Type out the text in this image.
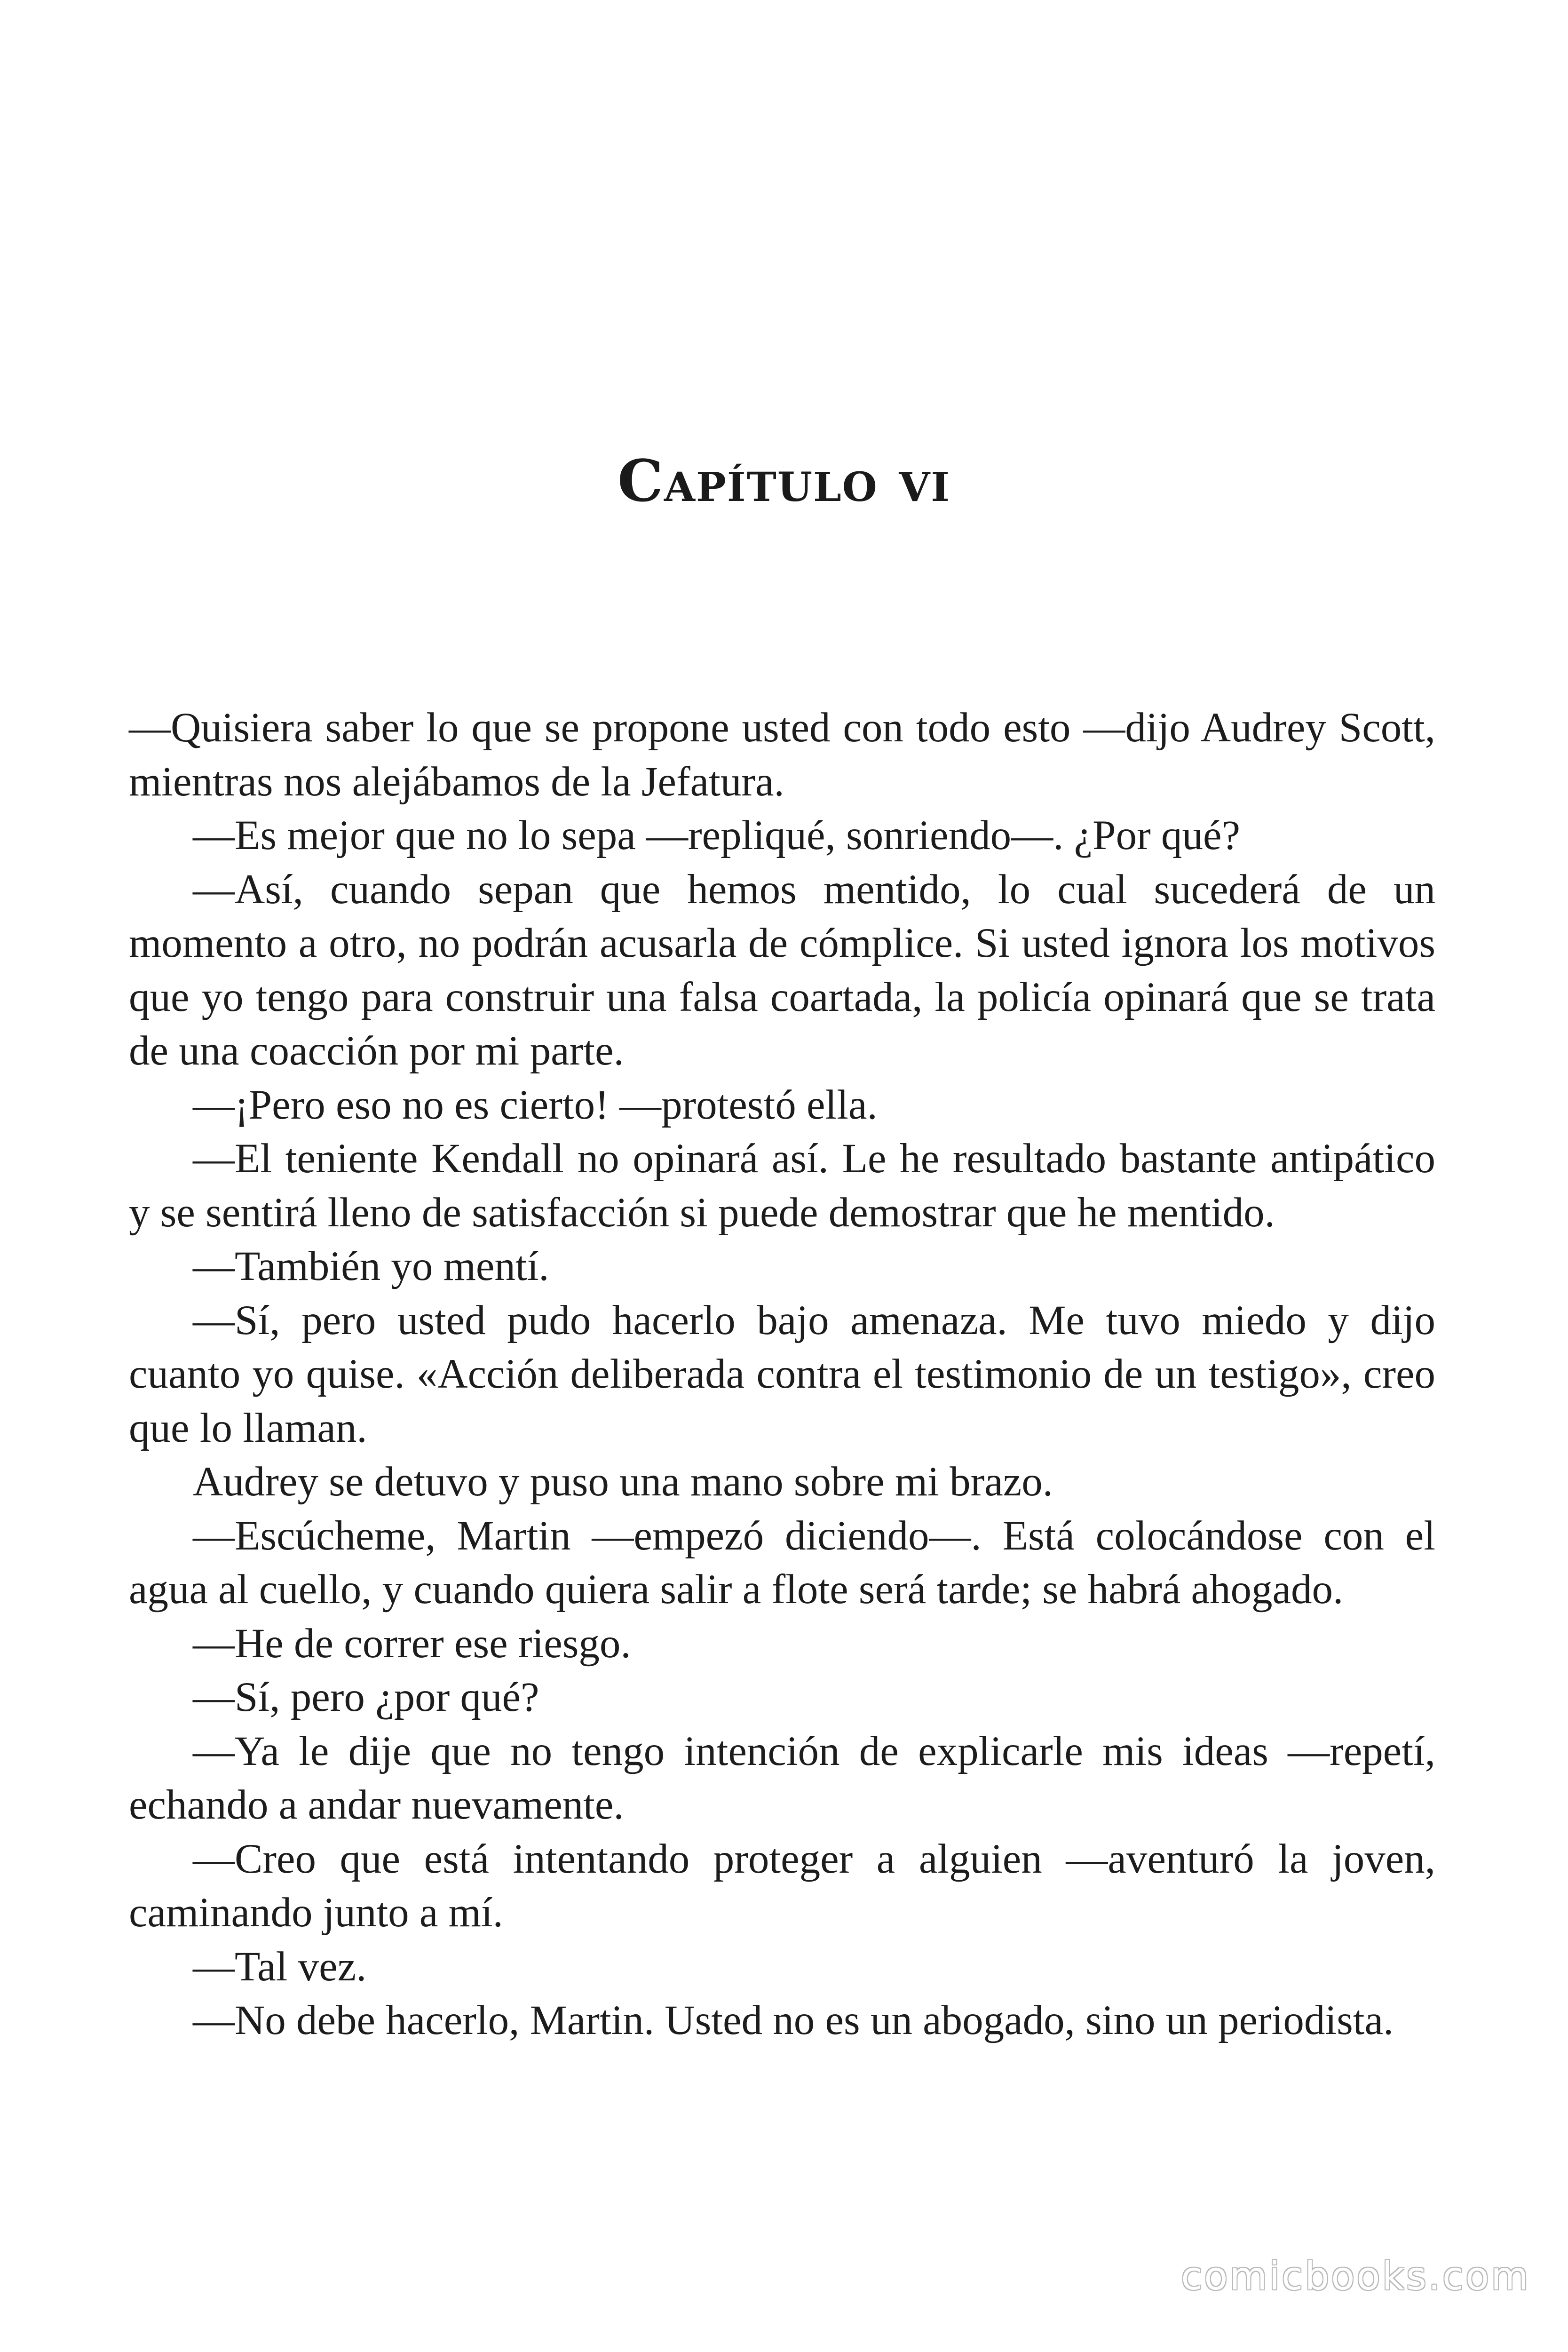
Capítulo vi

—Quisiera saber lo que se propone usted con todo esto —dijo Audrey Scott, mientras nos alejábamos de la Jefatura.

—Es mejor que no lo sepa —repliqué, sonriendo—. ¿Por qué?

—Así, cuando sepan que hemos mentido, lo cual sucederá de un momento a otro, no podrán acusarla de cómplice. Si usted ignora los motivos que yo tengo para construir una falsa coartada, la policía opinará que se trata de una coacción por mi parte.

—¡Pero eso no es cierto! —protestó ella.

—El teniente Kendall no opinará así. Le he resultado bastante antipático y se sentirá lleno de satisfacción si puede demostrar que he mentido.

—También yo mentí.

—Sí, pero usted pudo hacerlo bajo amenaza. Me tuvo miedo y dijo cuanto yo quise. «Acción deliberada contra el testimonio de un testigo», creo que lo llaman.

Audrey se detuvo y puso una mano sobre mi brazo.

—Escúcheme, Martin —empezó diciendo—. Está colocándose con el agua al cuello, y cuando quiera salir a flote será tarde; se habrá ahogado.

—He de correr ese riesgo.

—Sí, pero ¿por qué?

—Ya le dije que no tengo intención de explicarle mis ideas —repetí, echando a andar nuevamente.

—Creo que está intentando proteger a alguien —aventuró la joven, caminando junto a mí.

—Tal vez.

—No debe hacerlo, Martin. Usted no es un abogado, sino un periodista.

comicbooks.com
